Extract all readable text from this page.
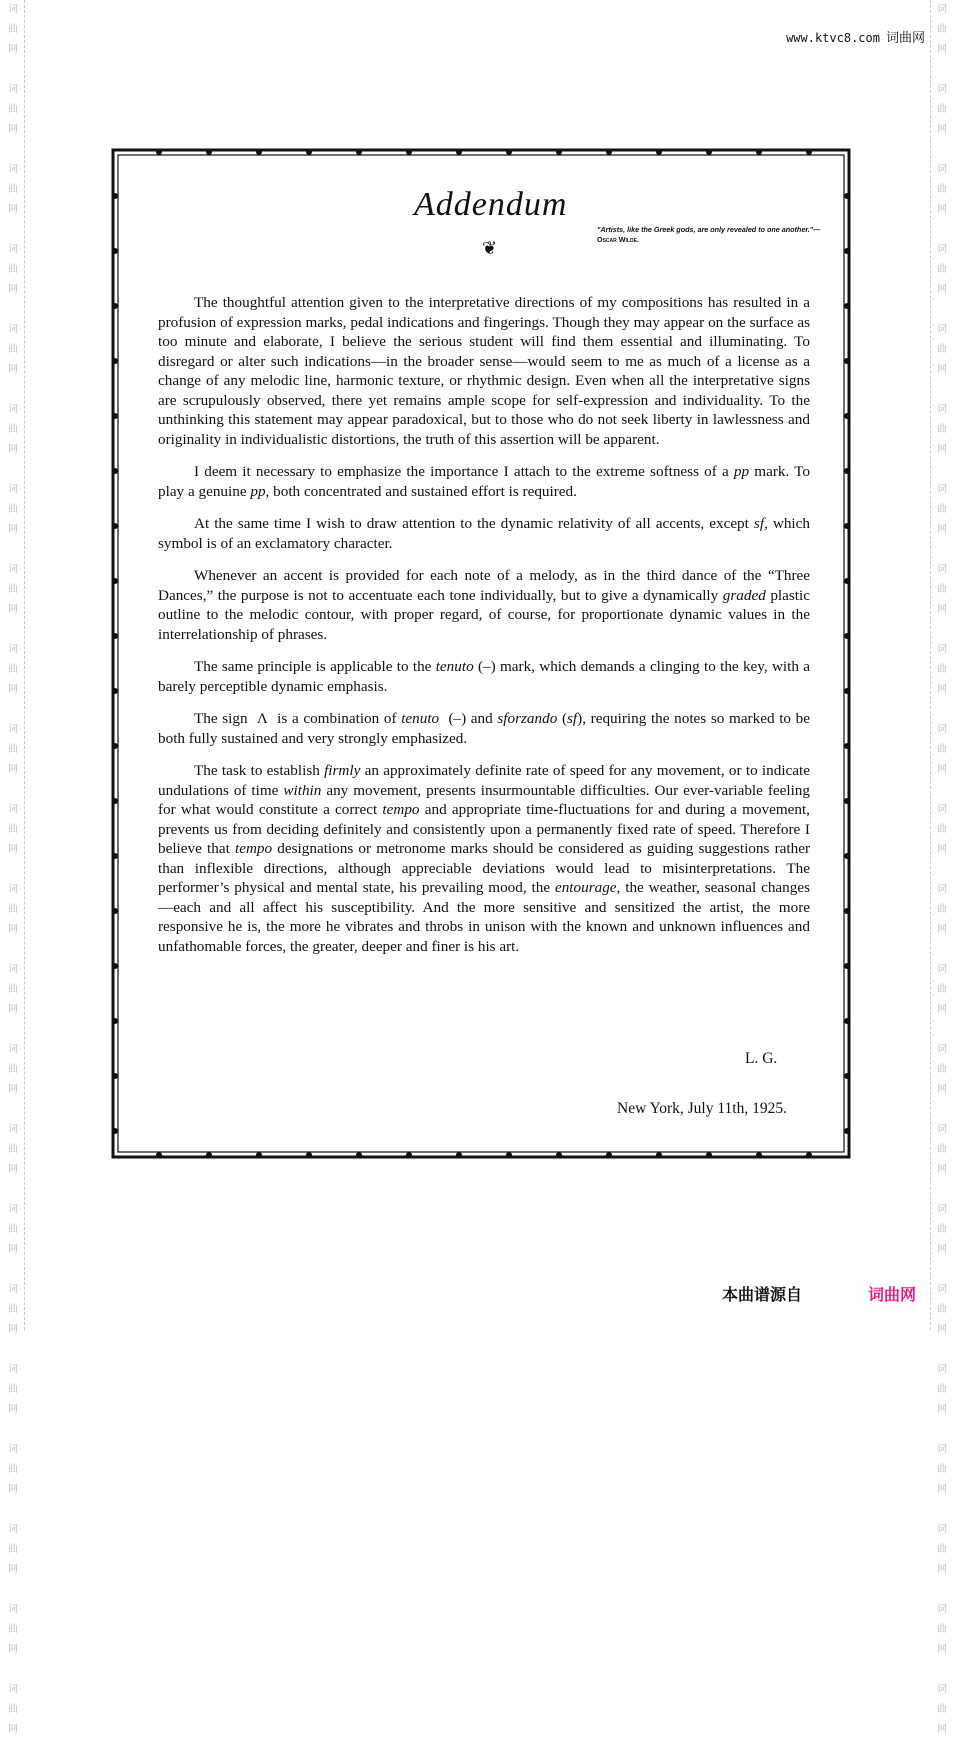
词
曲
网
词
曲
网
词
曲
网
词
曲
网
词
曲
网
词
曲
网
词
曲
网
词
曲
网
词
曲
网
词
曲
网
词
曲
网
词
曲
网
词
曲
网
词
曲
网
词
曲
网
词
曲
网
词
曲
网
词
曲
网
词
曲
网
词
曲
网
词
曲
网
词
曲
网
词
曲
网
词
曲
网
词
曲
网
词
曲
网
词
曲
网
词
曲
网
词
曲
网
词
曲
网
词
曲
网
词
曲
网
词
曲
网
词
曲
网
词
曲
网
词
曲
网
词
曲
网
词
曲
网
词
曲
网
词
曲
网
词
曲
网
词
曲
网
词
曲
网
词
曲
网
www.ktvc8.com 词曲网
Addendum
❦
"Artists, like the Greek gods, are only revealed to one another."—Oscar Wilde.

The thoughtful attention given to the interpretative directions of my compositions has resulted in a profusion of expression marks, pedal indications and fingerings. Though they may appear on the surface as too minute and elaborate, I believe the serious student will find them essential and illuminating. To disregard or alter such indications—in the broader sense—would seem to me as much of a license as a change of any melodic line, harmonic texture, or rhythmic design. Even when all the interpretative signs are scrupulously observed, there yet remains ample scope for self-expression and individuality. To the unthinking this statement may appear paradoxical, but to those who do not seek liberty in lawlessness and originality in individualistic distortions, the truth of this assertion will be apparent.

I deem it necessary to emphasize the importance I attach to the extreme softness of a pp mark. To play a genuine pp, both concentrated and sustained effort is required.

At the same time I wish to draw attention to the dynamic relativity of all accents, except sf, which symbol is of an exclamatory character.

Whenever an accent is provided for each note of a melody, as in the third dance of the “Three Dances,” the purpose is not to accentuate each tone individually, but to give a dynamically graded plastic outline to the melodic contour, with proper regard, of course, for proportionate dynamic values in the interrelationship of phrases.

The same principle is applicable to the tenuto (–) mark, which demands a clinging to the key, with a barely perceptible dynamic emphasis.

The sign  Λ  is a combination of tenuto  (–) and sforzando (sf), requiring the notes so marked to be both fully sustained and very strongly emphasized.

The task to establish firmly an approximately definite rate of speed for any movement, or to indicate undulations of time within any movement, presents insurmountable difficulties. Our ever-variable feeling for what would constitute a correct tempo and appropriate time-fluctuations for and during a movement, prevents us from deciding definitely and consistently upon a permanently fixed rate of speed. Therefore I believe that tempo designations or metronome marks should be considered as guiding suggestions rather than inflexible directions, although appreciable deviations would lead to misinterpretations. The performer’s physical and mental state, his prevailing mood, the entourage, the weather, seasonal changes—each and all affect his susceptibility. And the more sensitive and sensitized the artist, the more responsive he is, the more he vibrates and throbs in unison with the known and unknown influences and unfathomable forces, the greater, deeper and finer is his art.

L. G.
New York, July 11th, 1925.
本曲谱源自	词曲网
